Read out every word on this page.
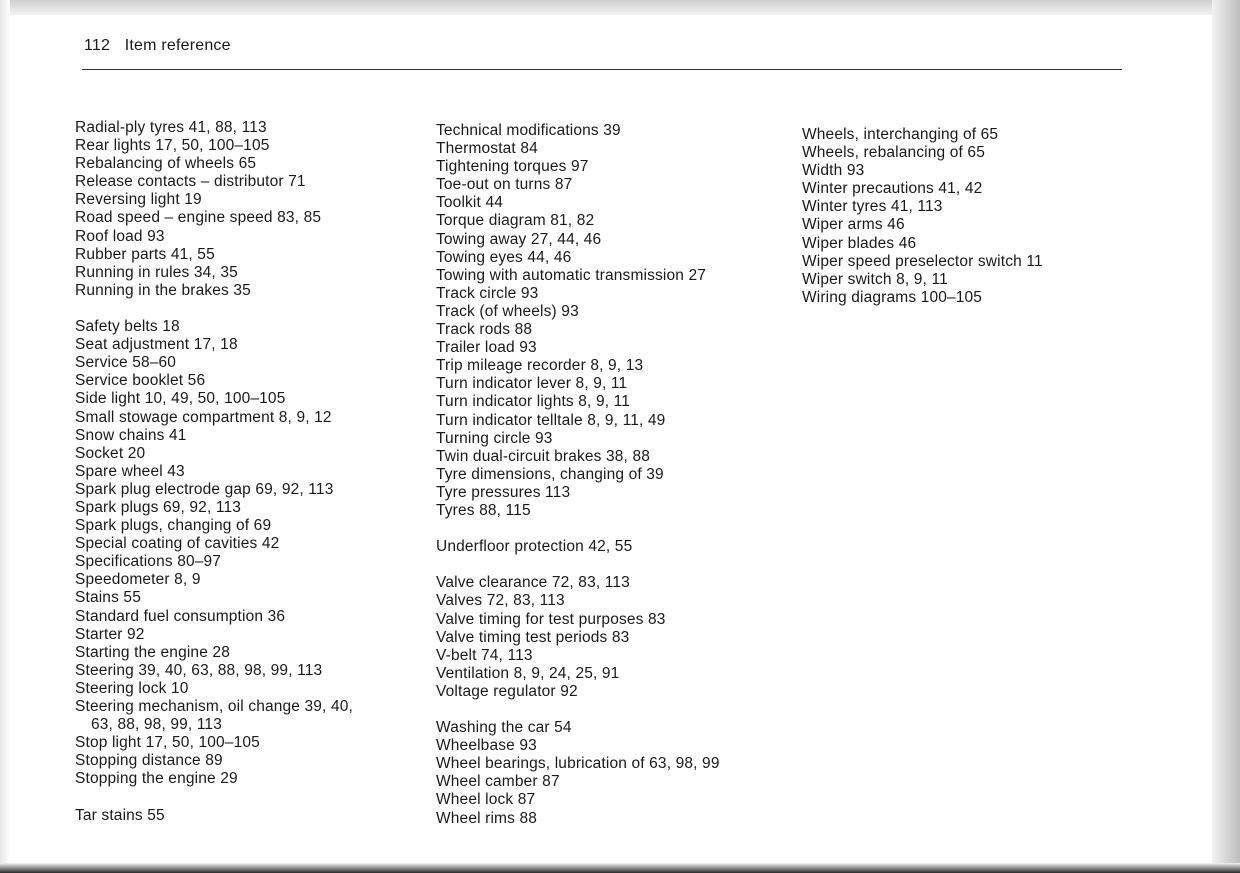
112 Item reference
Radial-ply tyres 41, 88, 113
Rear lights 17, 50, 100–105
Rebalancing of wheels 65
Release contacts – distributor 71
Reversing light 19
Road speed – engine speed 83, 85
Roof load 93
Rubber parts 41, 55
Running in rules 34, 35
Running in the brakes 35
Safety belts 18
Seat adjustment 17, 18
Service 58–60
Service booklet 56
Side light 10, 49, 50, 100–105
Small stowage compartment 8, 9, 12
Snow chains 41
Socket 20
Spare wheel 43
Spark plug electrode gap 69, 92, 113
Spark plugs 69, 92, 113
Spark plugs, changing of 69
Special coating of cavities 42
Specifications 80–97
Speedometer 8, 9
Stains 55
Standard fuel consumption 36
Starter 92
Starting the engine 28
Steering 39, 40, 63, 88, 98, 99, 113
Steering lock 10
Steering mechanism, oil change 39, 40,
63, 88, 98, 99, 113
Stop light 17, 50, 100–105
Stopping distance 89
Stopping the engine 29
Tar stains 55
Technical modifications 39
Thermostat 84
Tightening torques 97
Toe-out on turns 87
Toolkit 44
Torque diagram 81, 82
Towing away 27, 44, 46
Towing eyes 44, 46
Towing with automatic transmission 27
Track circle 93
Track (of wheels) 93
Track rods 88
Trailer load 93
Trip mileage recorder 8, 9, 13
Turn indicator lever 8, 9, 11
Turn indicator lights 8, 9, 11
Turn indicator telltale 8, 9, 11, 49
Turning circle 93
Twin dual-circuit brakes 38, 88
Tyre dimensions, changing of 39
Tyre pressures 113
Tyres 88, 115
Underfloor protection 42, 55
Valve clearance 72, 83, 113
Valves 72, 83, 113
Valve timing for test purposes 83
Valve timing test periods 83
V-belt 74, 113
Ventilation 8, 9, 24, 25, 91
Voltage regulator 92
Washing the car 54
Wheelbase 93
Wheel bearings, lubrication of 63, 98, 99
Wheel camber 87
Wheel lock 87
Wheel rims 88
Wheels, interchanging of 65
Wheels, rebalancing of 65
Width 93
Winter precautions 41, 42
Winter tyres 41, 113
Wiper arms 46
Wiper blades 46
Wiper speed preselector switch 11
Wiper switch 8, 9, 11
Wiring diagrams 100–105
